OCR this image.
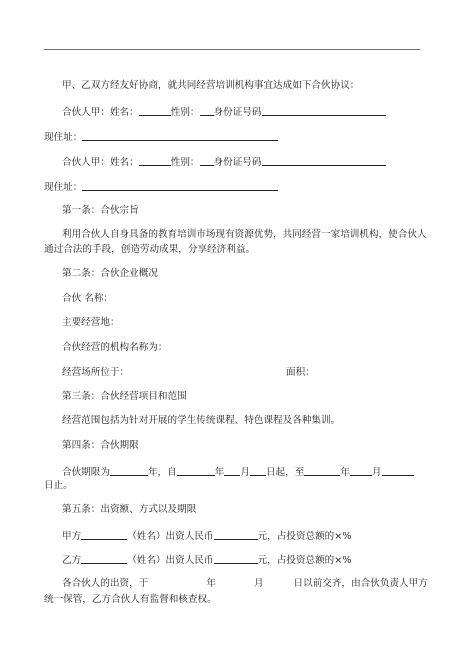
甲、乙双方经友好协商，就共同经营培训机构事宜达成如下合伙协议：
合伙人甲：姓名：	性别： 身份证号码
现住址：
合伙人甲：姓名：	性别： 身份证号码
现住址：
第一条：合伙宗旨
利用合伙人自身具备的教育培训市场现有资源优势，共同经营一家培训机构，使合伙人
通过合法的手段，创造劳动成果，分享经济利益。
第二条：合伙企业概况
合伙 名称：
主要经营地：
合伙经营的机构名称为：
经营场所位于：	面积：
第三条：合伙经营项目和范围
经营范围包括为针对开展的学生传统课程、特色课程及各种集训。
第四条：合伙期限
合伙期限为	年，自	年 月 日起，至	年 月
日止。
第五条：出资额、方式以及期限
甲方	（姓名）出资人民币	元，占投资总额的×%
乙方	（姓名）出资人民币	元，占投资总额的×%
各合伙人的出资，于	年	月	日以前交齐，由合伙负责人甲方
统一保管，乙方合伙人有监督和核查权。
